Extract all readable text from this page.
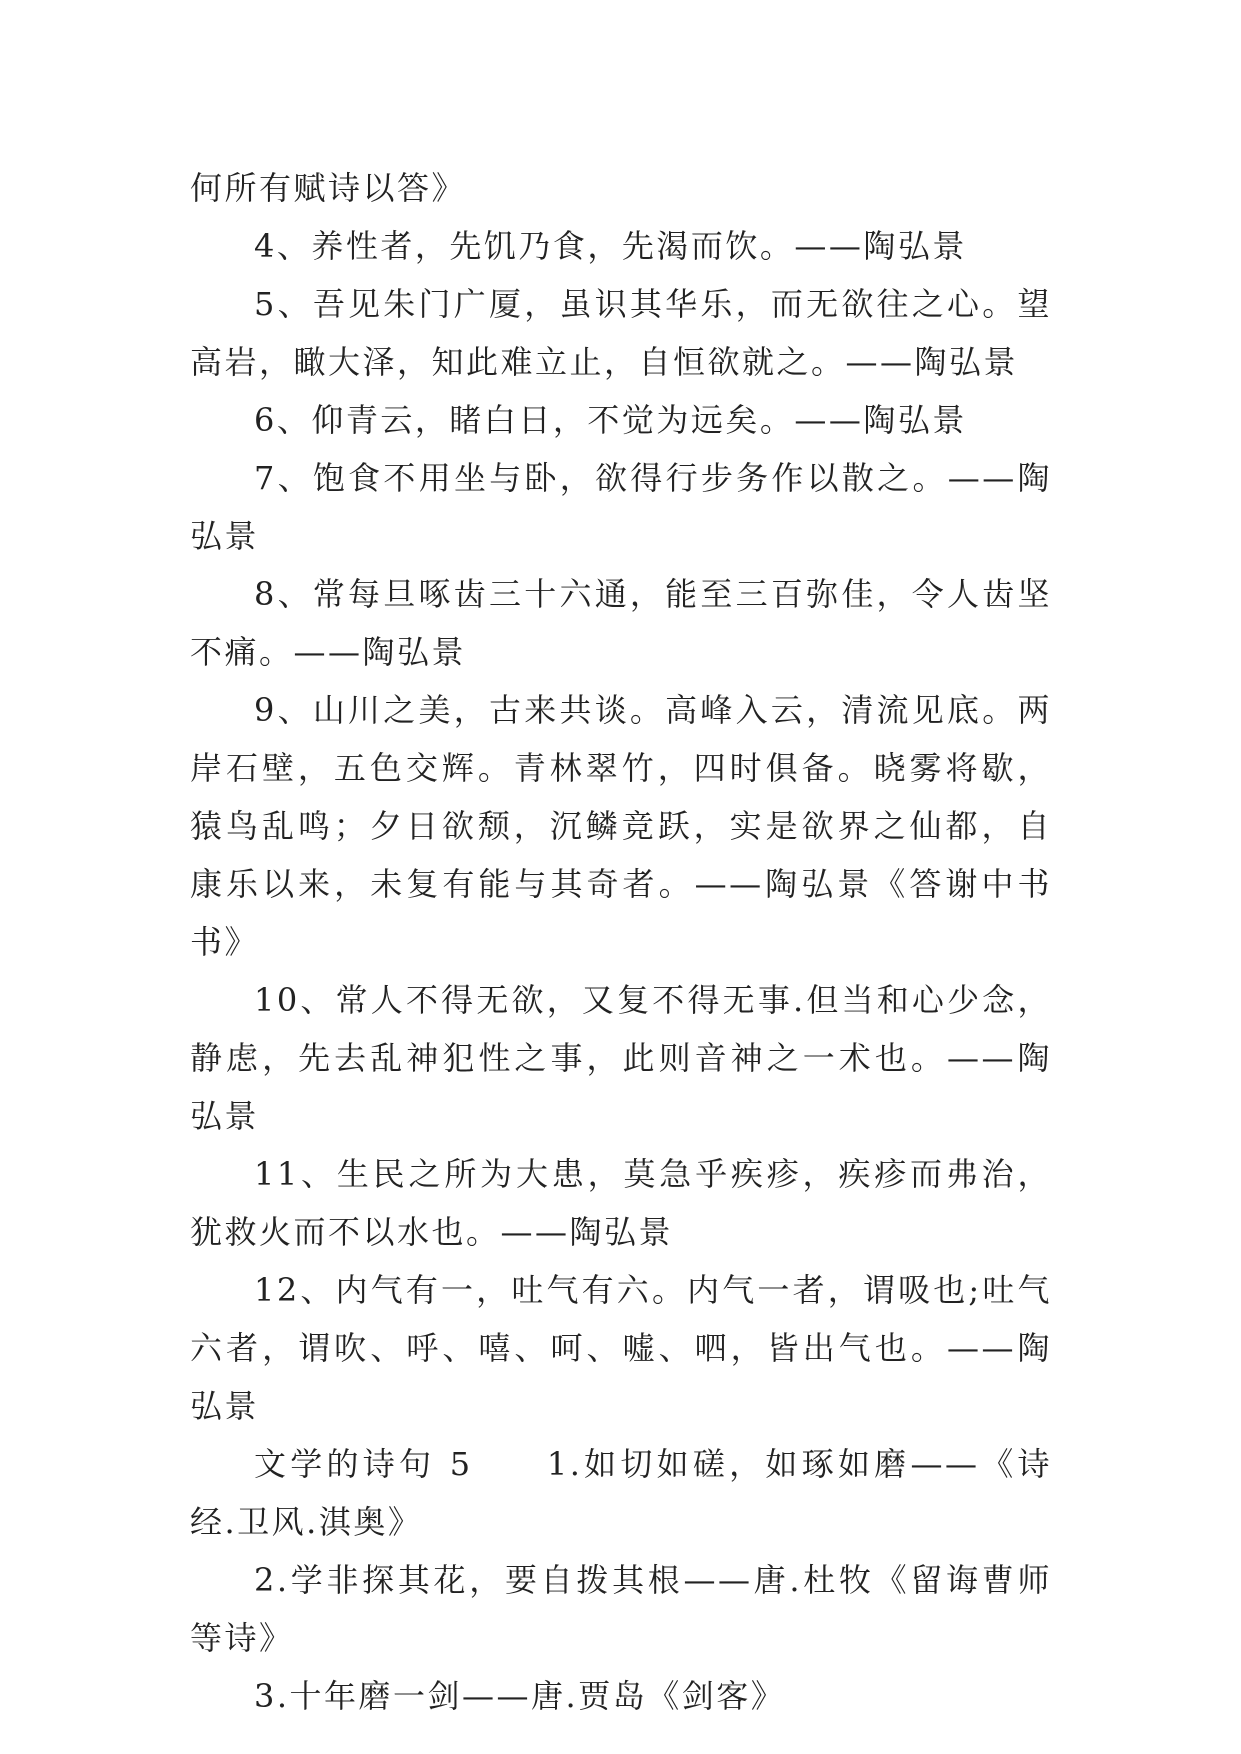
何所有赋诗以答》

4、养性者，先饥乃食，先渴而饮。——陶弘景

5、吾见朱门广厦，虽识其华乐，而无欲往之心。望高岩，瞰大泽，知此难立止，自恒欲就之。——陶弘景

6、仰青云，睹白日，不觉为远矣。——陶弘景

7、饱食不用坐与卧，欲得行步务作以散之。——陶弘景

8、常每旦啄齿三十六通，能至三百弥佳，令人齿坚不痛。——陶弘景

9、山川之美，古来共谈。高峰入云，清流见底。两岸石壁，五色交辉。青林翠竹，四时俱备。晓雾将歇，猿鸟乱鸣；夕日欲颓，沉鳞竞跃，实是欲界之仙都，自康乐以来，未复有能与其奇者。——陶弘景《答谢中书书》

10、常人不得无欲，又复不得无事.但当和心少念，静虑，先去乱神犯性之事，此则音神之一术也。——陶弘景

11、生民之所为大患，莫急乎疾疹，疾疹而弗治，犹救火而不以水也。——陶弘景

12、内气有一，吐气有六。内气一者，谓吸也;吐气六者，谓吹、呼、嘻、呵、嘘、呬，皆出气也。——陶弘景

文学的诗句 5　　1.如切如磋，如琢如磨——《诗经.卫风.淇奥》

2.学非探其花，要自拨其根——唐.杜牧《留诲曹师等诗》

3.十年磨一剑——唐.贾岛《剑客》
